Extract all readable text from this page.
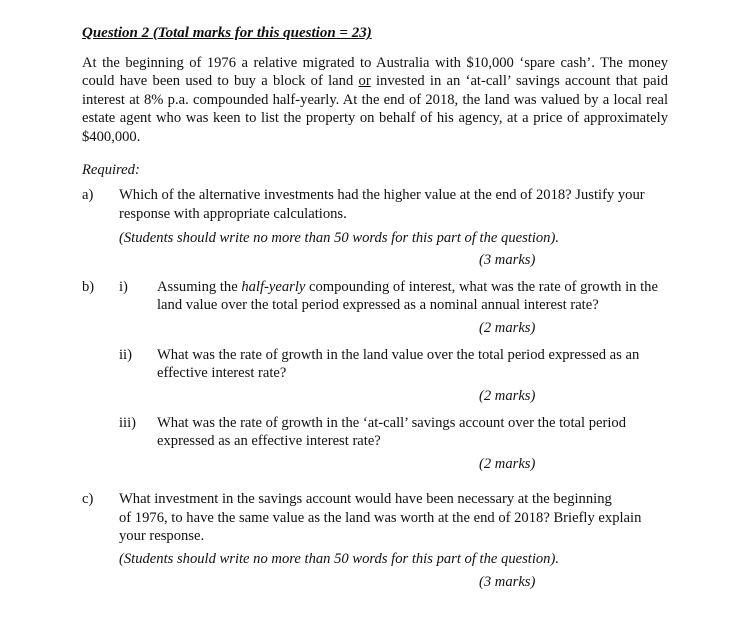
Question 2 (Total marks for this question = 23)

At the beginning of 1976 a relative migrated to Australia with $10,000 ‘spare cash’. The money could have been used to buy a block of land or invested in an ‘at-call’ savings account that paid interest at 8% p.a. compounded half-yearly. At the end of 2018, the land was valued by a local real estate agent who was keen to list the property on behalf of his agency, at a price of approximately $400,000.

Required:
a) Which of the alternative investments had the higher value at the end of 2018? Justify your
response with appropriate calculations.
(Students should write no more than 50 words for this part of the question).
(3 marks)
b) i) Assuming the half-yearly compounding of interest, what was the rate of growth in the
land value over the total period expressed as a nominal annual interest rate?
(2 marks)
ii) What was the rate of growth in the land value over the total period expressed as an
effective interest rate?
(2 marks)
iii) What was the rate of growth in the ‘at-call’ savings account over the total period
expressed as an effective interest rate?
(2 marks)
c) What investment in the savings account would have been necessary at the beginning
of 1976, to have the same value as the land was worth at the end of 2018? Briefly explain
your response.
(Students should write no more than 50 words for this part of the question).
(3 marks)
